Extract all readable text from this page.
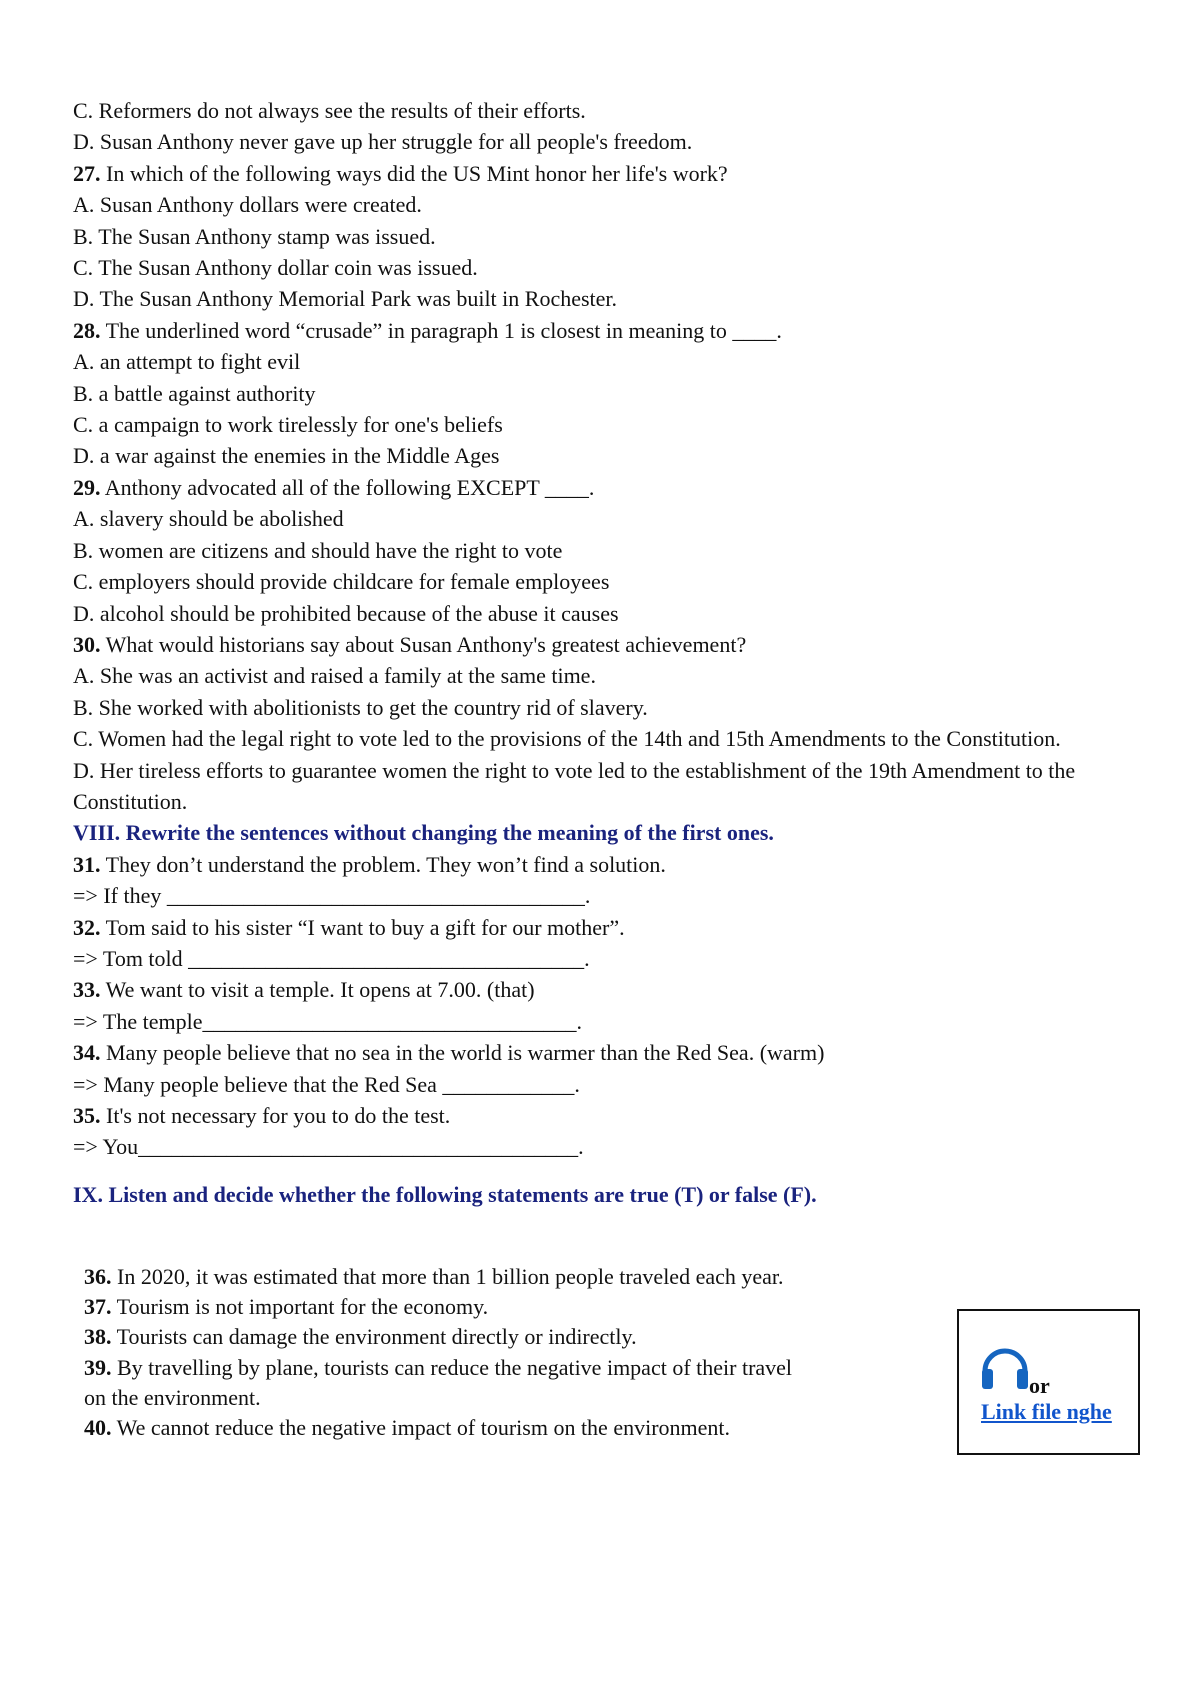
C. Reformers do not always see the results of their efforts.
D. Susan Anthony never gave up her struggle for all people's freedom.
27. In which of the following ways did the US Mint honor her life's work?
A. Susan Anthony dollars were created.
B. The Susan Anthony stamp was issued.
C. The Susan Anthony dollar coin was issued.
D. The Susan Anthony Memorial Park was built in Rochester.
28. The underlined word “crusade” in paragraph 1 is closest in meaning to ____.
A. an attempt to fight evil
B. a battle against authority
C. a campaign to work tirelessly for one's beliefs
D. a war against the enemies in the Middle Ages
29. Anthony advocated all of the following EXCEPT ____.
A. slavery should be abolished
B. women are citizens and should have the right to vote
C. employers should provide childcare for female employees
D. alcohol should be prohibited because of the abuse it causes
30. What would historians say about Susan Anthony's greatest achievement?
A. She was an activist and raised a family at the same time.
B. She worked with abolitionists to get the country rid of slavery.
C. Women had the legal right to vote led to the provisions of the 14th and 15th Amendments to the Constitution.
D. Her tireless efforts to guarantee women the right to vote led to the establishment of the 19th Amendment to the Constitution.
VIII. Rewrite the sentences without changing the meaning of the first ones.
31. They don’t understand the problem. They won’t find a solution.
=> If they ______________________________________.
32. Tom said to his sister “I want to buy a gift for our mother”.
=> Tom told ____________________________________.
33. We want to visit a temple. It opens at 7.00. (that)
=> The temple__________________________________.
34. Many people believe that no sea in the world is warmer than the Red Sea. (warm)
=> Many people believe that the Red Sea ____________.
35. It's not necessary for you to do the test.
=> You________________________________________.
IX. Listen and decide whether the following statements are true (T) or false (F).
36. In 2020, it was estimated that more than 1 billion people traveled each year.
37. Tourism is not important for the economy.
38. Tourists can damage the environment directly or indirectly.
39. By travelling by plane, tourists can reduce the negative impact of their travel
on the environment.
40. We cannot reduce the negative impact of tourism on the environment.
or
Link file nghe
